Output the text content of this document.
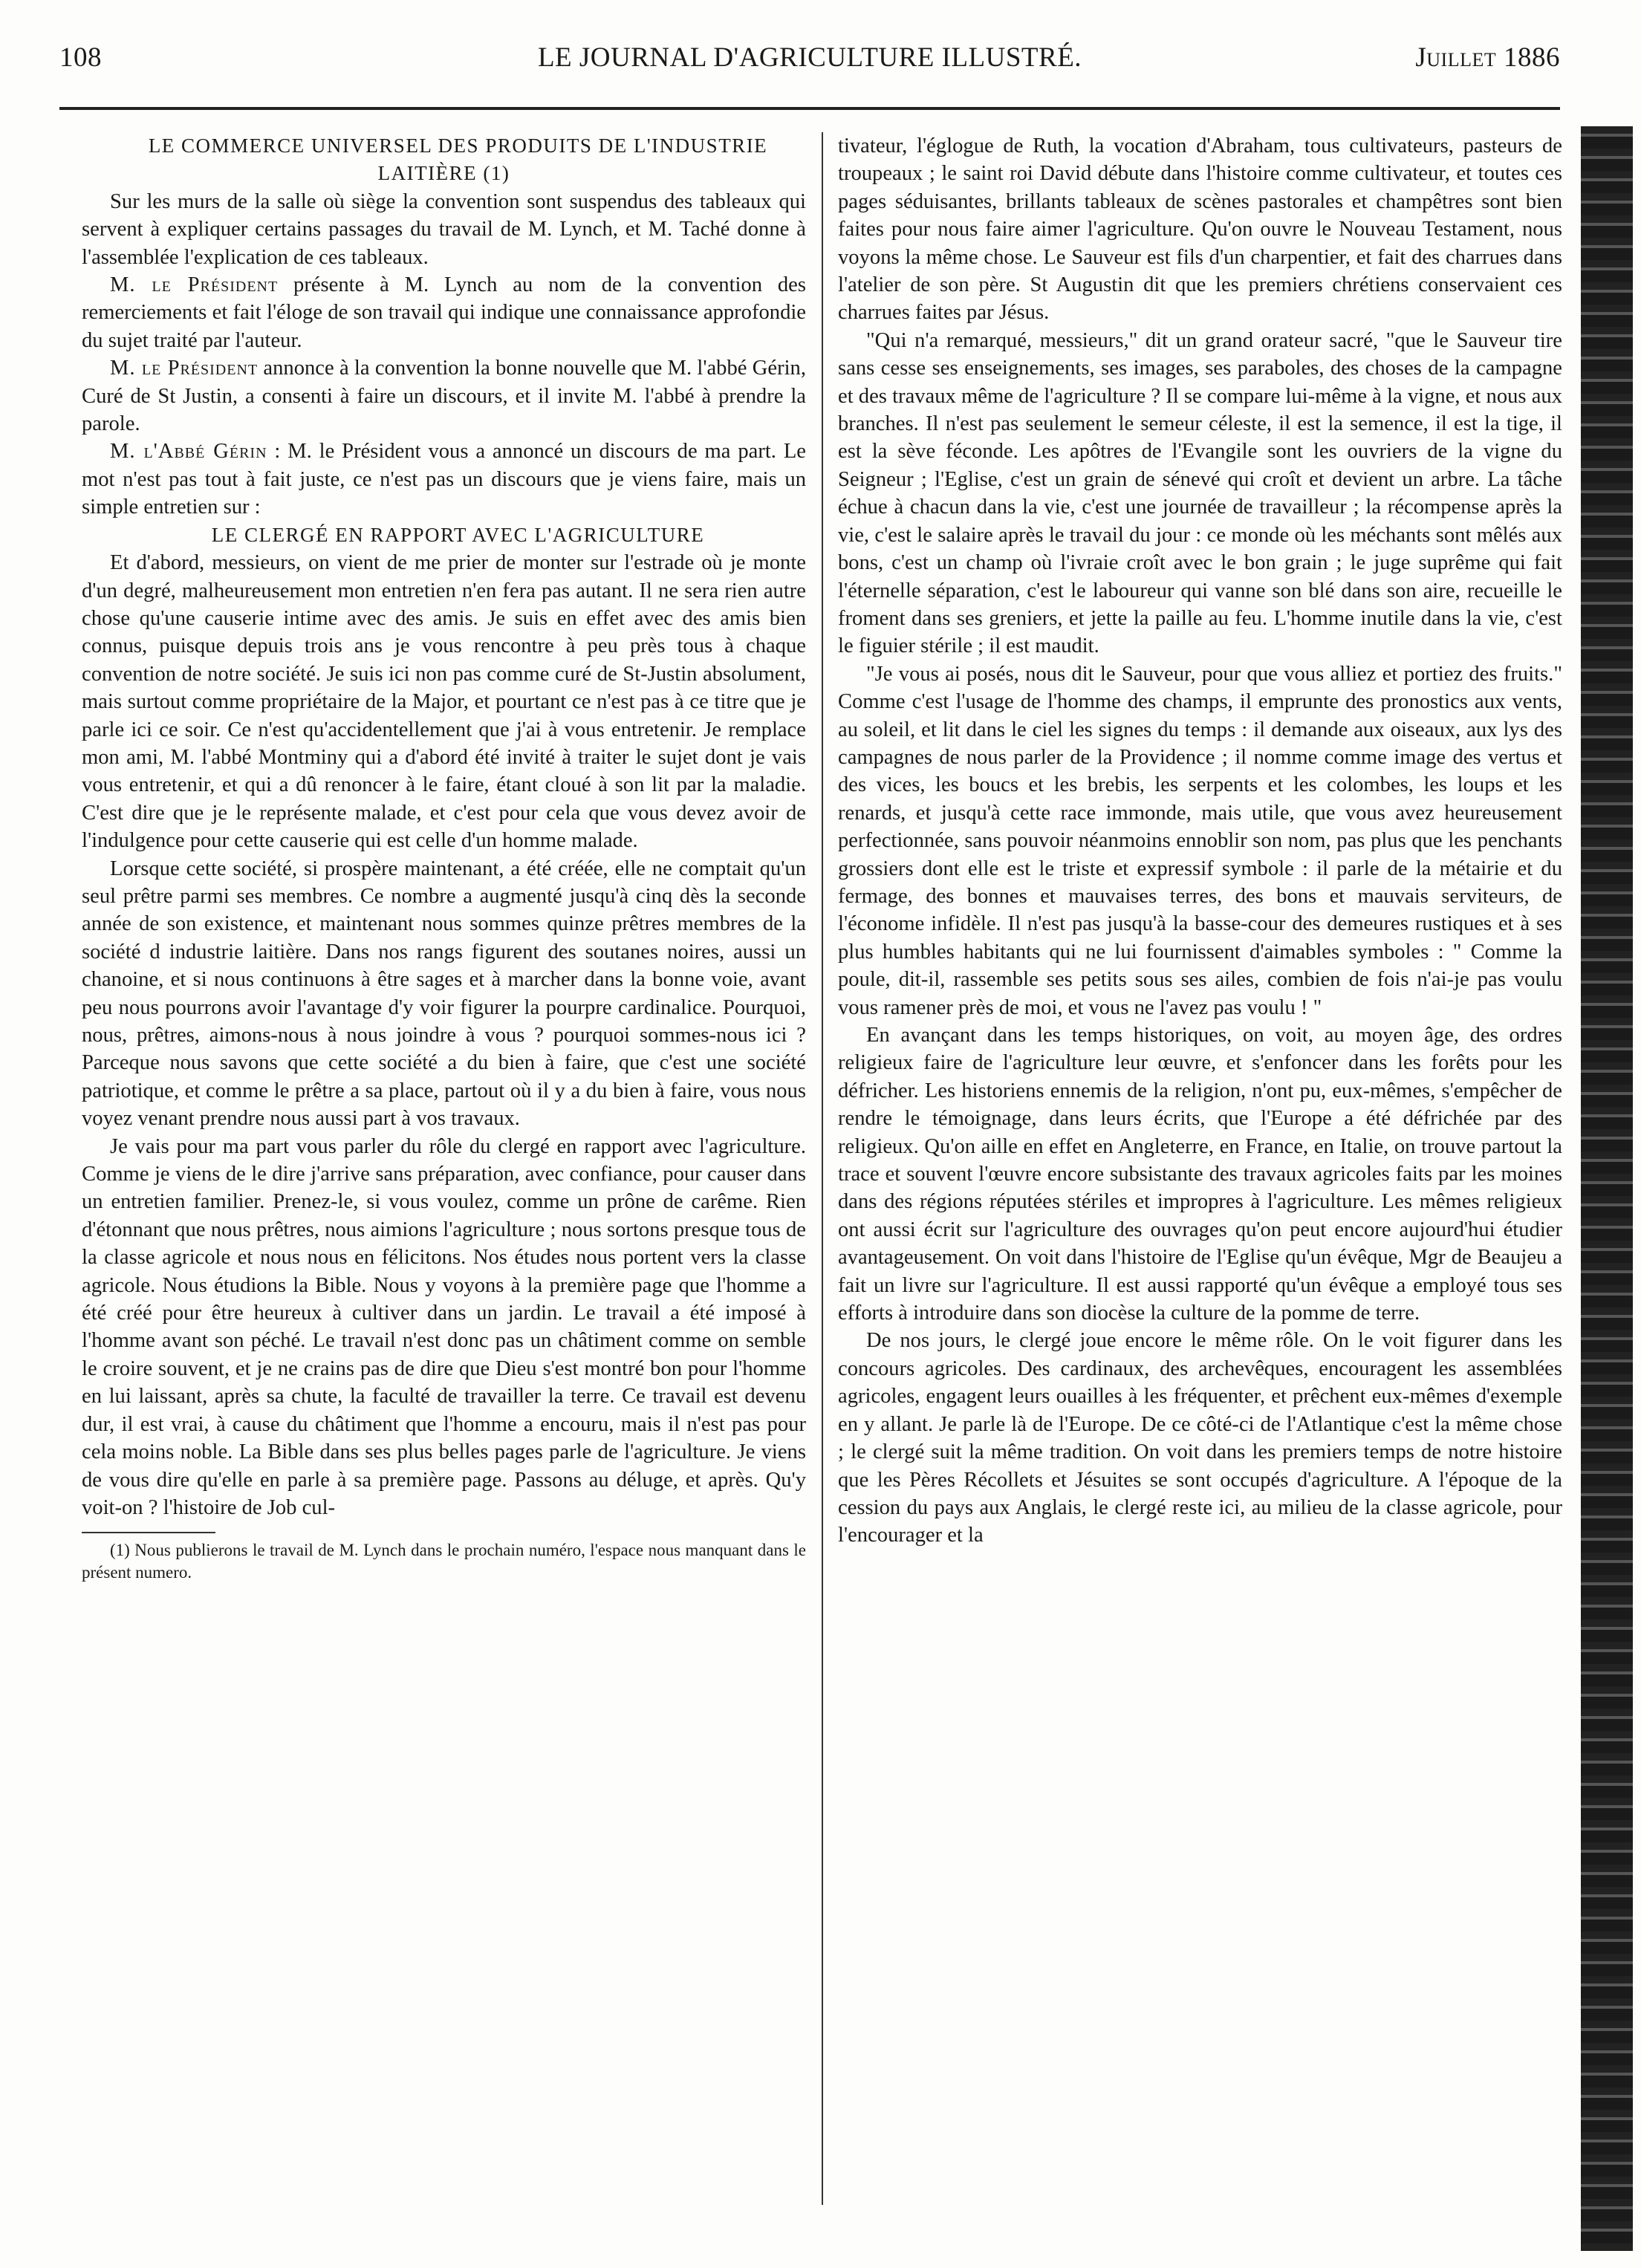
108	LE JOURNAL D'AGRICULTURE ILLUSTRÉ.	Juillet 1886

LE COMMERCE UNIVERSEL DES PRODUITS DE L'INDUSTRIE LAITIÈRE (1)

Sur les murs de la salle où siège la convention sont suspendus des tableaux qui servent à expliquer certains passages du travail de M. Lynch, et M. Taché donne à l'assemblée l'explication de ces tableaux.

M. le Président présente à M. Lynch au nom de la convention des remerciements et fait l'éloge de son travail qui indique une connaissance approfondie du sujet traité par l'auteur.

M. le Président annonce à la convention la bonne nouvelle que M. l'abbé Gérin, Curé de St Justin, a consenti à faire un discours, et il invite M. l'abbé à prendre la parole.

M. l'Abbé Gérin : M. le Président vous a annoncé un discours de ma part. Le mot n'est pas tout à fait juste, ce n'est pas un discours que je viens faire, mais un simple entretien sur :

LE CLERGÉ EN RAPPORT AVEC L'AGRICULTURE

Et d'abord, messieurs, on vient de me prier de monter sur l'estrade où je monte d'un degré, malheureusement mon entretien n'en fera pas autant. Il ne sera rien autre chose qu'une causerie intime avec des amis. Je suis en effet avec des amis bien connus, puisque depuis trois ans je vous rencontre à peu près tous à chaque convention de notre société. Je suis ici non pas comme curé de St-Justin absolument, mais surtout comme propriétaire de la Major, et pourtant ce n'est pas à ce titre que je parle ici ce soir. Ce n'est qu'accidentellement que j'ai à vous entretenir. Je remplace mon ami, M. l'abbé Montminy qui a d'abord été invité à traiter le sujet dont je vais vous entretenir, et qui a dû renoncer à le faire, étant cloué à son lit par la maladie. C'est dire que je le représente malade, et c'est pour cela que vous devez avoir de l'indulgence pour cette causerie qui est celle d'un homme malade.

Lorsque cette société, si prospère maintenant, a été créée, elle ne comptait qu'un seul prêtre parmi ses membres. Ce nombre a augmenté jusqu'à cinq dès la seconde année de son existence, et maintenant nous sommes quinze prêtres membres de la société d industrie laitière. Dans nos rangs figurent des soutanes noires, aussi un chanoine, et si nous continuons à être sages et à marcher dans la bonne voie, avant peu nous pourrons avoir l'avantage d'y voir figurer la pourpre cardinalice. Pourquoi, nous, prêtres, aimons-nous à nous joindre à vous ? pourquoi sommes-nous ici ? Parceque nous savons que cette société a du bien à faire, que c'est une société patriotique, et comme le prêtre a sa place, partout où il y a du bien à faire, vous nous voyez venant prendre nous aussi part à vos travaux.

Je vais pour ma part vous parler du rôle du clergé en rapport avec l'agriculture. Comme je viens de le dire j'arrive sans préparation, avec confiance, pour causer dans un entretien familier. Prenez-le, si vous voulez, comme un prône de carême. Rien d'étonnant que nous prêtres, nous aimions l'agriculture ; nous sortons presque tous de la classe agricole et nous nous en félicitons. Nos études nous portent vers la classe agricole. Nous étudions la Bible. Nous y voyons à la première page que l'homme a été créé pour être heureux à cultiver dans un jardin. Le travail a été imposé à l'homme avant son péché. Le travail n'est donc pas un châtiment comme on semble le croire souvent, et je ne crains pas de dire que Dieu s'est montré bon pour l'homme en lui laissant, après sa chute, la faculté de travailler la terre. Ce travail est devenu dur, il est vrai, à cause du châtiment que l'homme a encouru, mais il n'est pas pour cela moins noble. La Bible dans ses plus belles pages parle de l'agriculture. Je viens de vous dire qu'elle en parle à sa première page. Passons au déluge, et après. Qu'y voit-on ? l'histoire de Job cul-

(1) Nous publierons le travail de M. Lynch dans le prochain numéro, l'espace nous manquant dans le présent numero.

tivateur, l'églogue de Ruth, la vocation d'Abraham, tous cultivateurs, pasteurs de troupeaux ; le saint roi David débute dans l'histoire comme cultivateur, et toutes ces pages séduisantes, brillants tableaux de scènes pastorales et champêtres sont bien faites pour nous faire aimer l'agriculture. Qu'on ouvre le Nouveau Testament, nous voyons la même chose. Le Sauveur est fils d'un charpentier, et fait des charrues dans l'atelier de son père. St Augustin dit que les premiers chrétiens conservaient ces charrues faites par Jésus.

"Qui n'a remarqué, messieurs," dit un grand orateur sacré, "que le Sauveur tire sans cesse ses enseignements, ses images, ses paraboles, des choses de la campagne et des travaux même de l'agriculture ? Il se compare lui-même à la vigne, et nous aux branches. Il n'est pas seulement le semeur céleste, il est la semence, il est la tige, il est la sève féconde. Les apôtres de l'Evangile sont les ouvriers de la vigne du Seigneur ; l'Eglise, c'est un grain de sénevé qui croît et devient un arbre. La tâche échue à chacun dans la vie, c'est une journée de travailleur ; la récompense après la vie, c'est le salaire après le travail du jour : ce monde où les méchants sont mêlés aux bons, c'est un champ où l'ivraie croît avec le bon grain ; le juge suprême qui fait l'éternelle séparation, c'est le laboureur qui vanne son blé dans son aire, recueille le froment dans ses greniers, et jette la paille au feu. L'homme inutile dans la vie, c'est le figuier stérile ; il est maudit.

"Je vous ai posés, nous dit le Sauveur, pour que vous alliez et portiez des fruits." Comme c'est l'usage de l'homme des champs, il emprunte des pronostics aux vents, au soleil, et lit dans le ciel les signes du temps : il demande aux oiseaux, aux lys des campagnes de nous parler de la Providence ; il nomme comme image des vertus et des vices, les boucs et les brebis, les serpents et les colombes, les loups et les renards, et jusqu'à cette race immonde, mais utile, que vous avez heureusement perfectionnée, sans pouvoir néanmoins ennoblir son nom, pas plus que les penchants grossiers dont elle est le triste et expressif symbole : il parle de la métairie et du fermage, des bonnes et mauvaises terres, des bons et mauvais serviteurs, de l'économe infidèle. Il n'est pas jusqu'à la basse-cour des demeures rustiques et à ses plus humbles habitants qui ne lui fournissent d'aimables symboles : " Comme la poule, dit-il, rassemble ses petits sous ses ailes, combien de fois n'ai-je pas voulu vous ramener près de moi, et vous ne l'avez pas voulu ! "

En avançant dans les temps historiques, on voit, au moyen âge, des ordres religieux faire de l'agriculture leur œuvre, et s'enfoncer dans les forêts pour les défricher. Les historiens ennemis de la religion, n'ont pu, eux-mêmes, s'empêcher de rendre le témoignage, dans leurs écrits, que l'Europe a été défrichée par des religieux. Qu'on aille en effet en Angleterre, en France, en Italie, on trouve partout la trace et souvent l'œuvre encore subsistante des travaux agricoles faits par les moines dans des régions réputées stériles et impropres à l'agriculture. Les mêmes religieux ont aussi écrit sur l'agriculture des ouvrages qu'on peut encore aujourd'hui étudier avantageusement. On voit dans l'histoire de l'Eglise qu'un évêque, Mgr de Beaujeu a fait un livre sur l'agriculture. Il est aussi rapporté qu'un évêque a employé tous ses efforts à introduire dans son diocèse la culture de la pomme de terre.

De nos jours, le clergé joue encore le même rôle. On le voit figurer dans les concours agricoles. Des cardinaux, des archevêques, encouragent les assemblées agricoles, engagent leurs ouailles à les fréquenter, et prêchent eux-mêmes d'exemple en y allant. Je parle là de l'Europe. De ce côté-ci de l'Atlantique c'est la même chose ; le clergé suit la même tradition. On voit dans les premiers temps de notre histoire que les Pères Récollets et Jésuites se sont occupés d'agriculture. A l'époque de la cession du pays aux Anglais, le clergé reste ici, au milieu de la classe agricole, pour l'encourager et la
